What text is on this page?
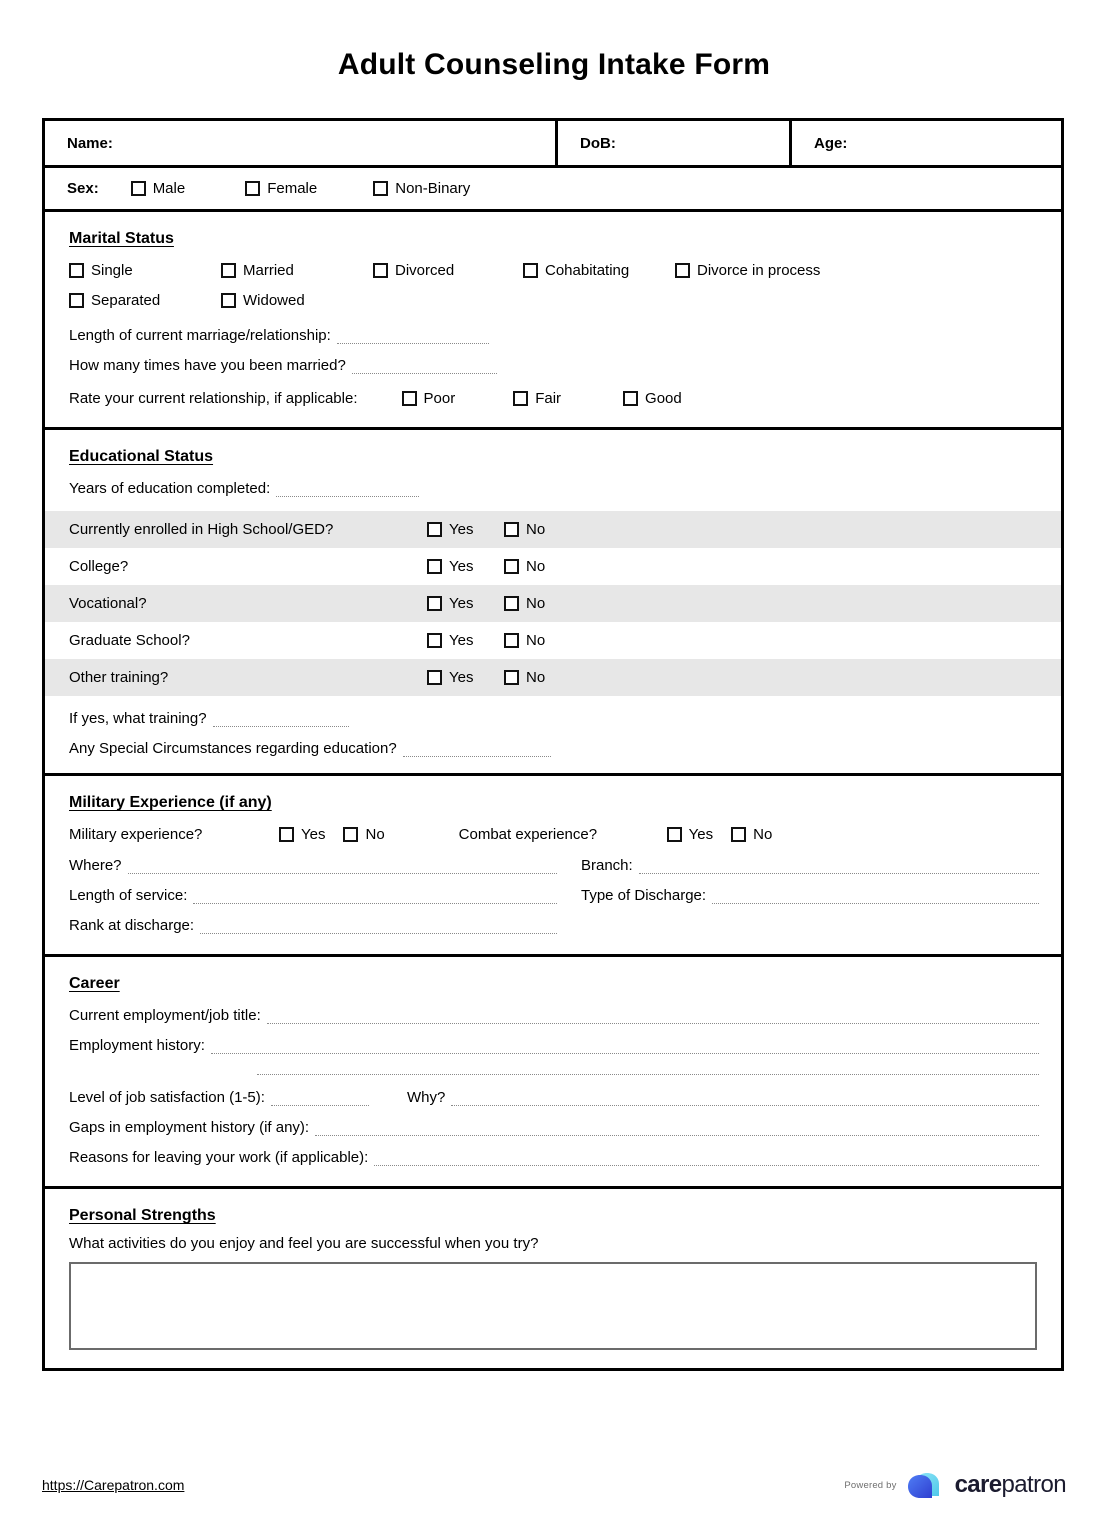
Adult Counseling Intake Form
Name:	DoB:	Age:
Sex:	Male	Female	Non-Binary
Marital Status
Single	Married	Divorced	Cohabitating	Divorce in process
Separated	Widowed
Length of current marriage/relationship:
How many times have you been married?
Rate your current relationship, if applicable:	Poor	Fair	Good
Educational Status
Years of education completed:
Currently enrolled in High School/GED?	Yes	No
College?	Yes	No
Vocational?	Yes	No
Graduate School?	Yes	No
Other training?	Yes	No
If yes, what training?
Any Special Circumstances regarding education?
Military Experience (if any)
Military experience?	Yes	No	Combat experience?	Yes	No
Where?	Branch:
Length of service:	Type of Discharge:
Rank at discharge:
Career
Current employment/job title:
Employment history:
Level of job satisfaction (1-5):	Why?
Gaps in employment history (if any):
Reasons for leaving your work (if applicable):
Personal Strengths
What activities do you enjoy and feel you are successful when you try?
https://Carepatron.com	Powered by carepatron
